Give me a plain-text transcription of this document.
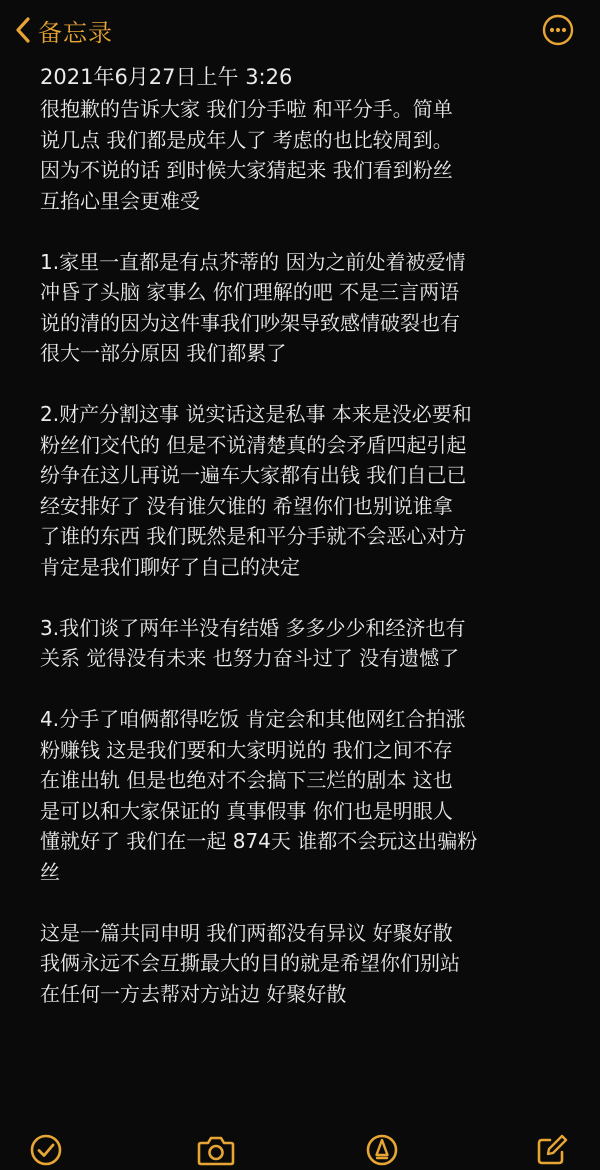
备忘录
2021年6月27日上午 3:26

很抱歉的告诉大家 我们分手啦 和平分手。简单
说几点 我们都是成年人了 考虑的也比较周到。
因为不说的话 到时候大家猜起来 我们看到粉丝
互掐心里会更难受

1.家里一直都是有点芥蒂的 因为之前处着被爱情
冲昏了头脑 家事么 你们理解的吧 不是三言两语
说的清的因为这件事我们吵架导致感情破裂也有
很大一部分原因 我们都累了

2.财产分割这事 说实话这是私事 本来是没必要和
粉丝们交代的 但是不说清楚真的会矛盾四起引起
纷争在这儿再说一遍车大家都有出钱 我们自己已
经安排好了 没有谁欠谁的 希望你们也别说谁拿
了谁的东西 我们既然是和平分手就不会恶心对方
肯定是我们聊好了自己的决定

3.我们谈了两年半没有结婚 多多少少和经济也有
关系 觉得没有未来 也努力奋斗过了 没有遗憾了

4.分手了咱俩都得吃饭 肯定会和其他网红合拍涨
粉赚钱 这是我们要和大家明说的 我们之间不存
在谁出轨 但是也绝对不会搞下三烂的剧本 这也
是可以和大家保证的 真事假事 你们也是明眼人
懂就好了 我们在一起 874天 谁都不会玩这出骗粉
丝

这是一篇共同申明 我们两都没有异议 好聚好散
我俩永远不会互撕最大的目的就是希望你们别站
在任何一方去帮对方站边 好聚好散
